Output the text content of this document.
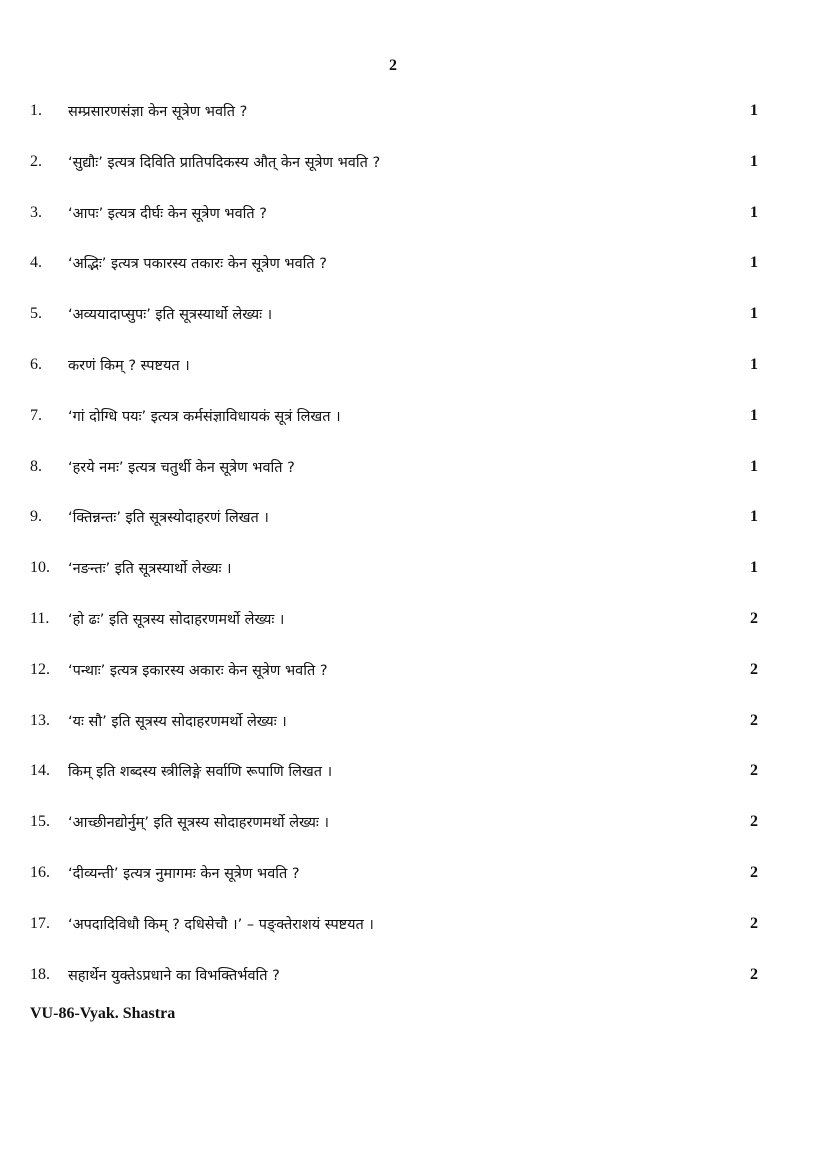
2
1. सम्प्रसारणसंज्ञा केन सूत्रेण भवति ?	1
2. ‘सुद्यौः’ इत्यत्र दिविति प्रातिपदिकस्य औत् केन सूत्रेण भवति ?	1
3. ‘आपः’ इत्यत्र दीर्घः केन सूत्रेण भवति ?	1
4. ‘अद्भिः’ इत्यत्र पकारस्य तकारः केन सूत्रेण भवति ?	1
5. ‘अव्ययादाप्सुपः’ इति सूत्रस्यार्थो लेख्यः ।	1
6. करणं किम् ? स्पष्टयत ।	1
7. ‘गां दोग्धि पयः’ इत्यत्र कर्मसंज्ञाविधायकं सूत्रं लिखत ।	1
8. ‘हरये नमः’ इत्यत्र चतुर्थी केन सूत्रेण भवति ?	1
9. ‘क्तिन्नन्तः’ इति सूत्रस्योदाहरणं लिखत ।	1
10. ‘नङन्तः’ इति सूत्रस्यार्थो लेख्यः ।	1
11. ‘हो ढः’ इति सूत्रस्य सोदाहरणमर्थो लेख्यः ।	2
12. ‘पन्थाः’ इत्यत्र इकारस्य अकारः केन सूत्रेण भवति ?	2
13. ‘यः सौ’ इति सूत्रस्य सोदाहरणमर्थो लेख्यः ।	2
14. किम् इति शब्दस्य स्त्रीलिङ्गे सर्वाणि रूपाणि लिखत ।	2
15. ‘आच्छीनद्योर्नुम्’ इति सूत्रस्य सोदाहरणमर्थो लेख्यः ।	2
16. ‘दीव्यन्ती’ इत्यत्र नुमागमः केन सूत्रेण भवति ?	2
17. ‘अपदादिविधौ किम् ? दधिसेचौ ।’ – पङ्क्तेराशयं स्पष्टयत ।	2
18. सहार्थेन युक्तेऽप्रधाने का विभक्तिर्भवति ?	2
VU-86-Vyak. Shastra
